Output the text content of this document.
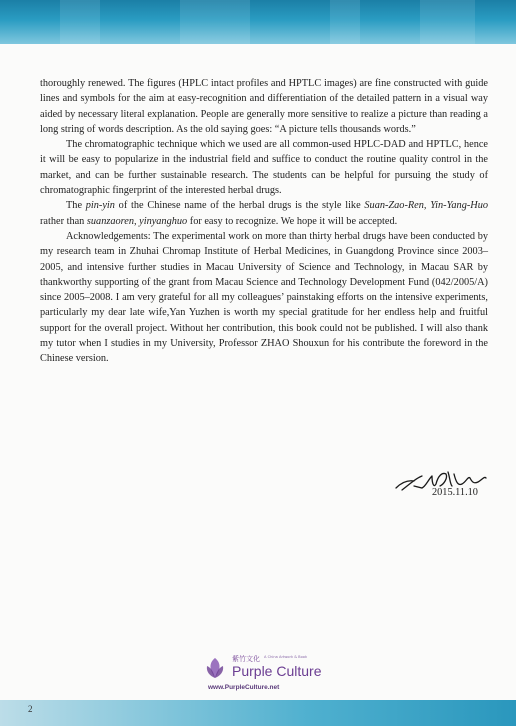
thoroughly renewed. The figures (HPLC intact profiles and HPTLC images) are fine constructed with guide lines and symbols for the aim at easy-recognition and differentiation of the detailed pattern in a visual way aided by necessary literal explanation. People are generally more sensitive to realize a picture than reading a long string of words description. As the old saying goes: “A picture tells thousands words.”

The chromatographic technique which we used are all common-used HPLC-DAD and HPTLC, hence it will be easy to popularize in the industrial field and suffice to conduct the routine quality control in the market, and can be further sustainable research. The students can be helpful for pursuing the study of chromatographic fingerprint of the interested herbal drugs.

The pin-yin of the Chinese name of the herbal drugs is the style like Suan-Zao-Ren, Yin-Yang-Huo rather than suanzaoren, yinyanghuo for easy to recognize. We hope it will be accepted.

Acknowledgements: The experimental work on more than thirty herbal drugs have been conducted by my research team in Zhuhai Chromap Institute of Herbal Medicines, in Guangdong Province since 2003–2005, and intensive further studies in Macau University of Science and Technology, in Macau SAR by thankworthy supporting of the grant from Macau Science and Technology Development Fund (042/2005/A) since 2005–2008. I am very grateful for all my colleagues’ painstaking efforts on the intensive experiments, particularly my dear late wife,Yan Yuzhen is worth my special gratitude for her endless help and fruitful support for the overall project. Without her contribution, this book could not be published. I will also thank my tutor when I studies in my University, Professor ZHAO Shouxun for his contribute the foreword in the Chinese version.

2015.11.10
紫竹文化 A China Artwork & Book
Purple Culture
www.PurpleCulture.net
2
